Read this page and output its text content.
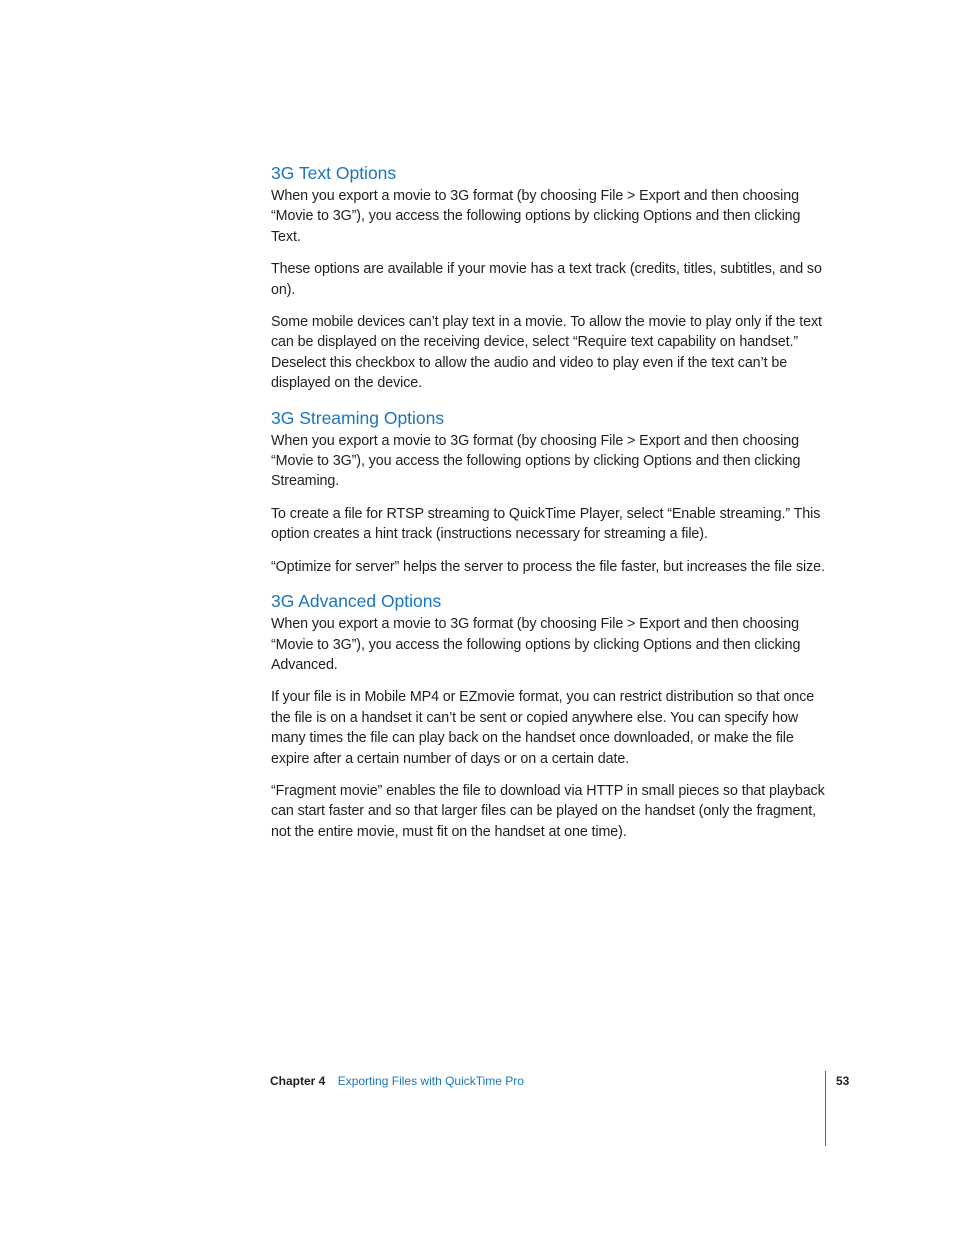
3G Text Options

When you export a movie to 3G format (by choosing File > Export and then choosing “Movie to 3G”), you access the following options by clicking Options and then clicking Text.

These options are available if your movie has a text track (credits, titles, subtitles, and so on).

Some mobile devices can’t play text in a movie. To allow the movie to play only if the text can be displayed on the receiving device, select “Require text capability on handset.” Deselect this checkbox to allow the audio and video to play even if the text can’t be displayed on the device.

3G Streaming Options

When you export a movie to 3G format (by choosing File > Export and then choosing “Movie to 3G”), you access the following options by clicking Options and then clicking Streaming.

To create a file for RTSP streaming to QuickTime Player, select “Enable streaming.” This option creates a hint track (instructions necessary for streaming a file).

“Optimize for server” helps the server to process the file faster, but increases the file size.

3G Advanced Options

When you export a movie to 3G format (by choosing File > Export and then choosing “Movie to 3G”), you access the following options by clicking Options and then clicking Advanced.

If your file is in Mobile MP4 or EZmovie format, you can restrict distribution so that once the file is on a handset it can’t be sent or copied anywhere else. You can specify how many times the file can play back on the handset once downloaded, or make the file expire after a certain number of days or on a certain date.

“Fragment movie” enables the file to download via HTTP in small pieces so that playback can start faster and so that larger files can be played on the handset (only the fragment, not the entire movie, must fit on the handset at one time).

Chapter 4 Exporting Files with QuickTime Pro	53
